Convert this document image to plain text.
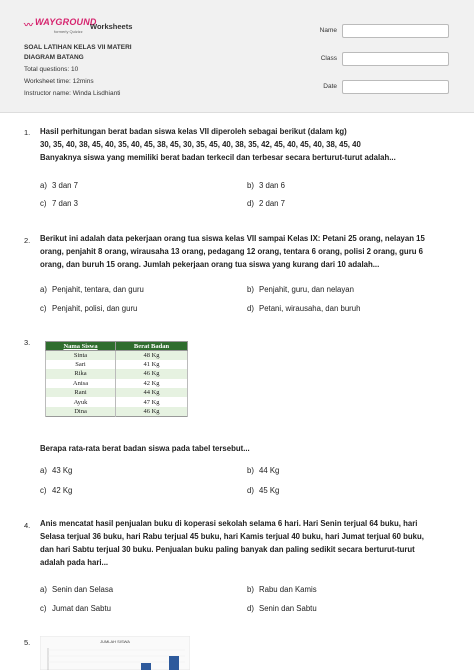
〰 WAYGROUND
formerly Quizizz
Worksheets
SOAL LATIHAN KELAS VII MATERI
DIAGRAM BATANG
Total questions: 10
Worksheet time: 12mins
Instructor name: Winda Lisdhianti
Name
Class
Date
1. Hasil perhitungan berat badan siswa kelas VII diperoleh sebagai berikut (dalam kg)
30, 35, 40, 38, 45, 40, 35, 40, 45, 38, 45, 30, 35, 45, 40, 38, 35, 42, 45, 40, 45, 40, 38, 45, 40
Banyaknya siswa yang memiliki berat badan terkecil dan terbesar secara berturut-turut adalah...
a) 3 dan 7	b) 3 dan 6
c) 7 dan 3	d) 2 dan 7
2. Berikut ini adalah data pekerjaan orang tua siswa kelas VII sampai Kelas IX: Petani 25 orang, nelayan 15
orang, penjahit 8 orang, wirausaha 13 orang, pedagang 12 orang, tentara 6 orang, polisi 2 orang, guru 6
orang, dan buruh 15 orang. Jumlah pekerjaan orang tua siswa yang kurang dari 10 adalah...
a) Penjahit, tentara, dan guru	b) Penjahit, guru, dan nelayan
c) Penjahit, polisi, dan guru	d) Petani, wirausaha, dan buruh
3.	Nama Siswa	Berat Badan
Sinta	48 Kg
Sari	41 Kg
Rika	46 Kg
Anisa	42 Kg
Rani	44 Kg
Ayuk	47 Kg
Dina	46 Kg
Berapa rata-rata berat badan siswa pada tabel tersebut...
a) 43 Kg	b) 44 Kg
c) 42 Kg	d) 45 Kg
4. Anis mencatat hasil penjualan buku di koperasi sekolah selama 6 hari. Hari Senin terjual 64 buku, hari
Selasa terjual 36 buku, hari Rabu terjual 45 buku, hari Kamis terjual 40 buku, hari Jumat terjual 60 buku,
dan hari Sabtu terjual 30 buku. Penjualan buku paling banyak dan paling sedikit secara berturut-turut
adalah pada hari...
a) Senin dan Selasa	b) Rabu dan Kamis
c) Jumat dan Sabtu	d) Senin dan Sabtu
5.	JUMLAH SISWA
